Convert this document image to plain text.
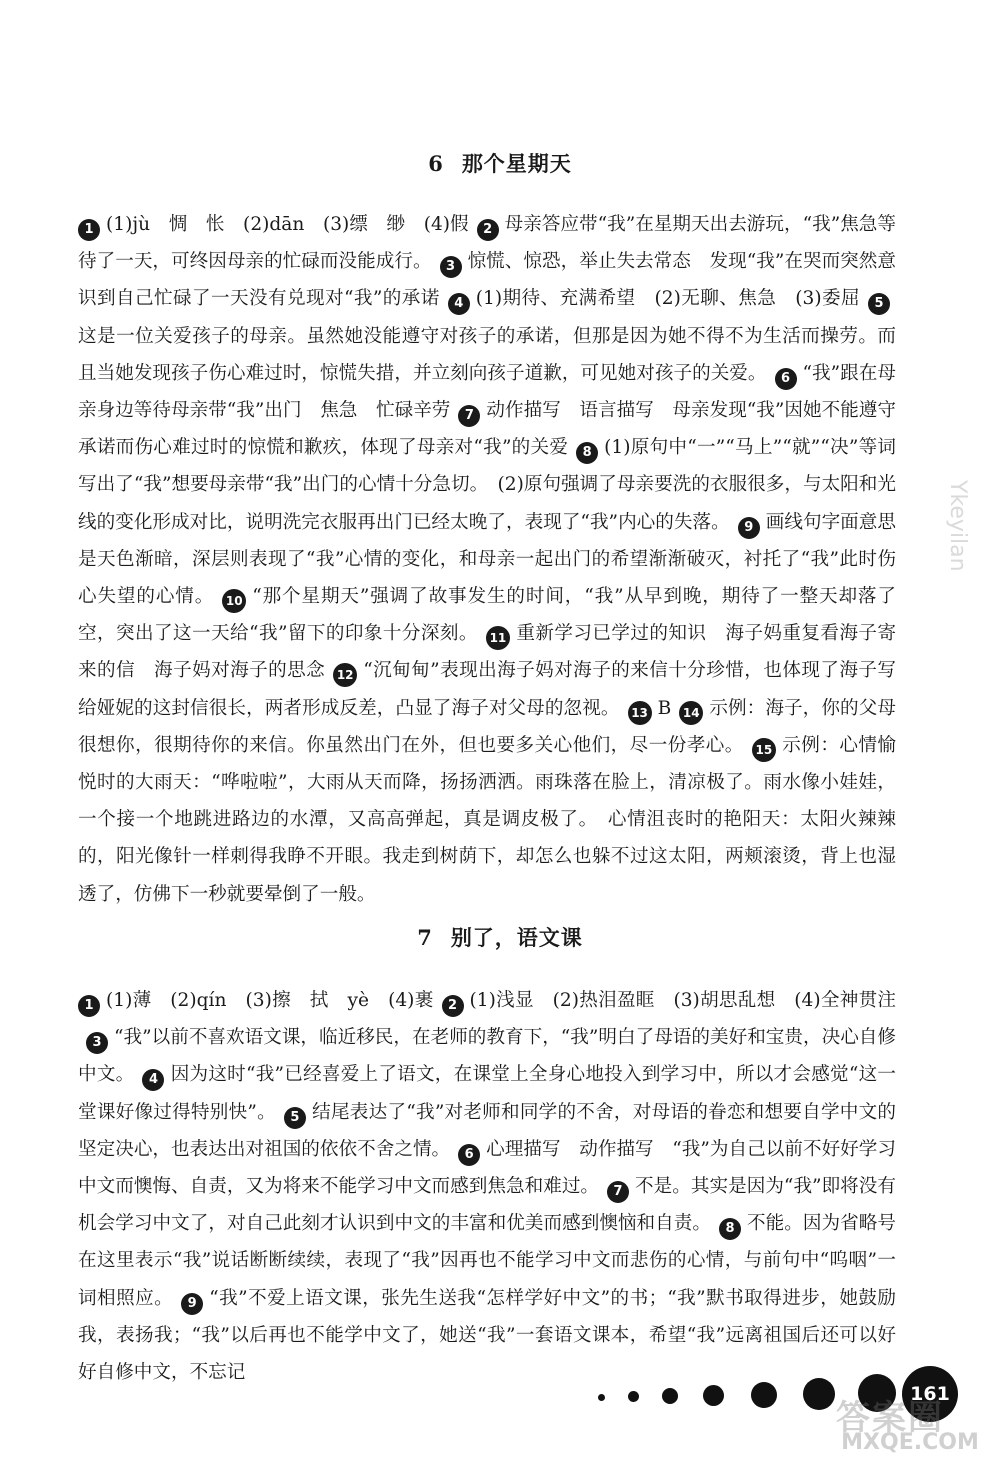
6 那个星期天
1 (1)jù　惆　怅　(2)dān　(3)缥　缈　(4)假 2 母亲答应带“我”在星期天出去游玩，“我”焦急等待了一天，可终因母亲的忙碌而没能成行。 3 惊慌、惊恐，举止失去常态　发现“我”在哭而突然意识到自己忙碌了一天没有兑现对“我”的承诺 4 (1)期待、充满希望　(2)无聊、焦急　(3)委屈 5这是一位关爱孩子的母亲。虽然她没能遵守对孩子的承诺，但那是因为她不得不为生活而操劳。而且当她发现孩子伤心难过时，惊慌失措，并立刻向孩子道歉，可见她对孩子的关爱。 6 “我”跟在母亲身边等待母亲带“我”出门　焦急　忙碌辛劳 7 动作描写　语言描写　母亲发现“我”因她不能遵守承诺而伤心难过时的惊慌和歉疚，体现了母亲对“我”的关爱 8 (1)原句中“一”“马上”“就”“决”等词写出了“我”想要母亲带“我”出门的心情十分急切。　(2)原句强调了母亲要洗的衣服很多，与太阳和光线的变化形成对比，说明洗完衣服再出门已经太晚了，表现了“我”内心的失落。 9 画线句字面意思是天色渐暗，深层则表现了“我”心情的变化，和母亲一起出门的希望渐渐破灭，衬托了“我”此时伤心失望的心情。 10 “那个星期天”强调了故事发生的时间，“我”从早到晚，期待了一整天却落了空，突出了这一天给“我”留下的印象十分深刻。 11 重新学习已学过的知识　海子妈重复看海子寄来的信　海子妈对海子的思念 12 “沉甸甸”表现出海子妈对海子的来信十分珍惜，也体现了海子写给娅妮的这封信很长，两者形成反差，凸显了海子对父母的忽视。 13 B 14 示例：海子，你的父母很想你，很期待你的来信。你虽然出门在外，但也要多关心他们，尽一份孝心。 15 示例：心情愉悦时的大雨天：“哗啦啦”，大雨从天而降，扬扬洒洒。雨珠落在脸上，清凉极了。雨水像小娃娃，一个接一个地跳进路边的水潭，又高高弹起，真是调皮极了。　心情沮丧时的艳阳天：太阳火辣辣的，阳光像针一样刺得我睁不开眼。我走到树荫下，却怎么也躲不过这太阳，两颊滚烫，背上也湿透了，仿佛下一秒就要晕倒了一般。
7 别了，语文课
1 (1)薄　(2)qín　(3)擦　拭　yè　(4)裹 2 (1)浅显　(2)热泪盈眶　(3)胡思乱想　(4)全神贯注3 “我”以前不喜欢语文课，临近移民，在老师的教育下，“我”明白了母语的美好和宝贵，决心自修中文。 4 因为这时“我”已经喜爱上了语文，在课堂上全身心地投入到学习中，所以才会感觉“这一堂课好像过得特别快”。 5 结尾表达了“我”对老师和同学的不舍，对母语的眷恋和想要自学中文的坚定决心，也表达出对祖国的依依不舍之情。 6 心理描写　动作描写　“我”为自己以前不好好学习中文而懊悔、自责，又为将来不能学习中文而感到焦急和难过。 7 不是。其实是因为“我”即将没有机会学习中文了，对自己此刻才认识到中文的丰富和优美而感到懊恼和自责。 8 不能。因为省略号在这里表示“我”说话断断续续，表现了“我”因再也不能学习中文而悲伤的心情，与前句中“呜咽”一词相照应。 9 “我”不爱上语文课，张先生送我“怎样学好中文”的书；“我”默书取得进步，她鼓励我，表扬我；“我”以后再也不能学中文了，她送“我”一套语文课本，希望“我”远离祖国后还可以好好自修中文，不忘记
161
答案圈
MXQE.COM
Ykeyilan
